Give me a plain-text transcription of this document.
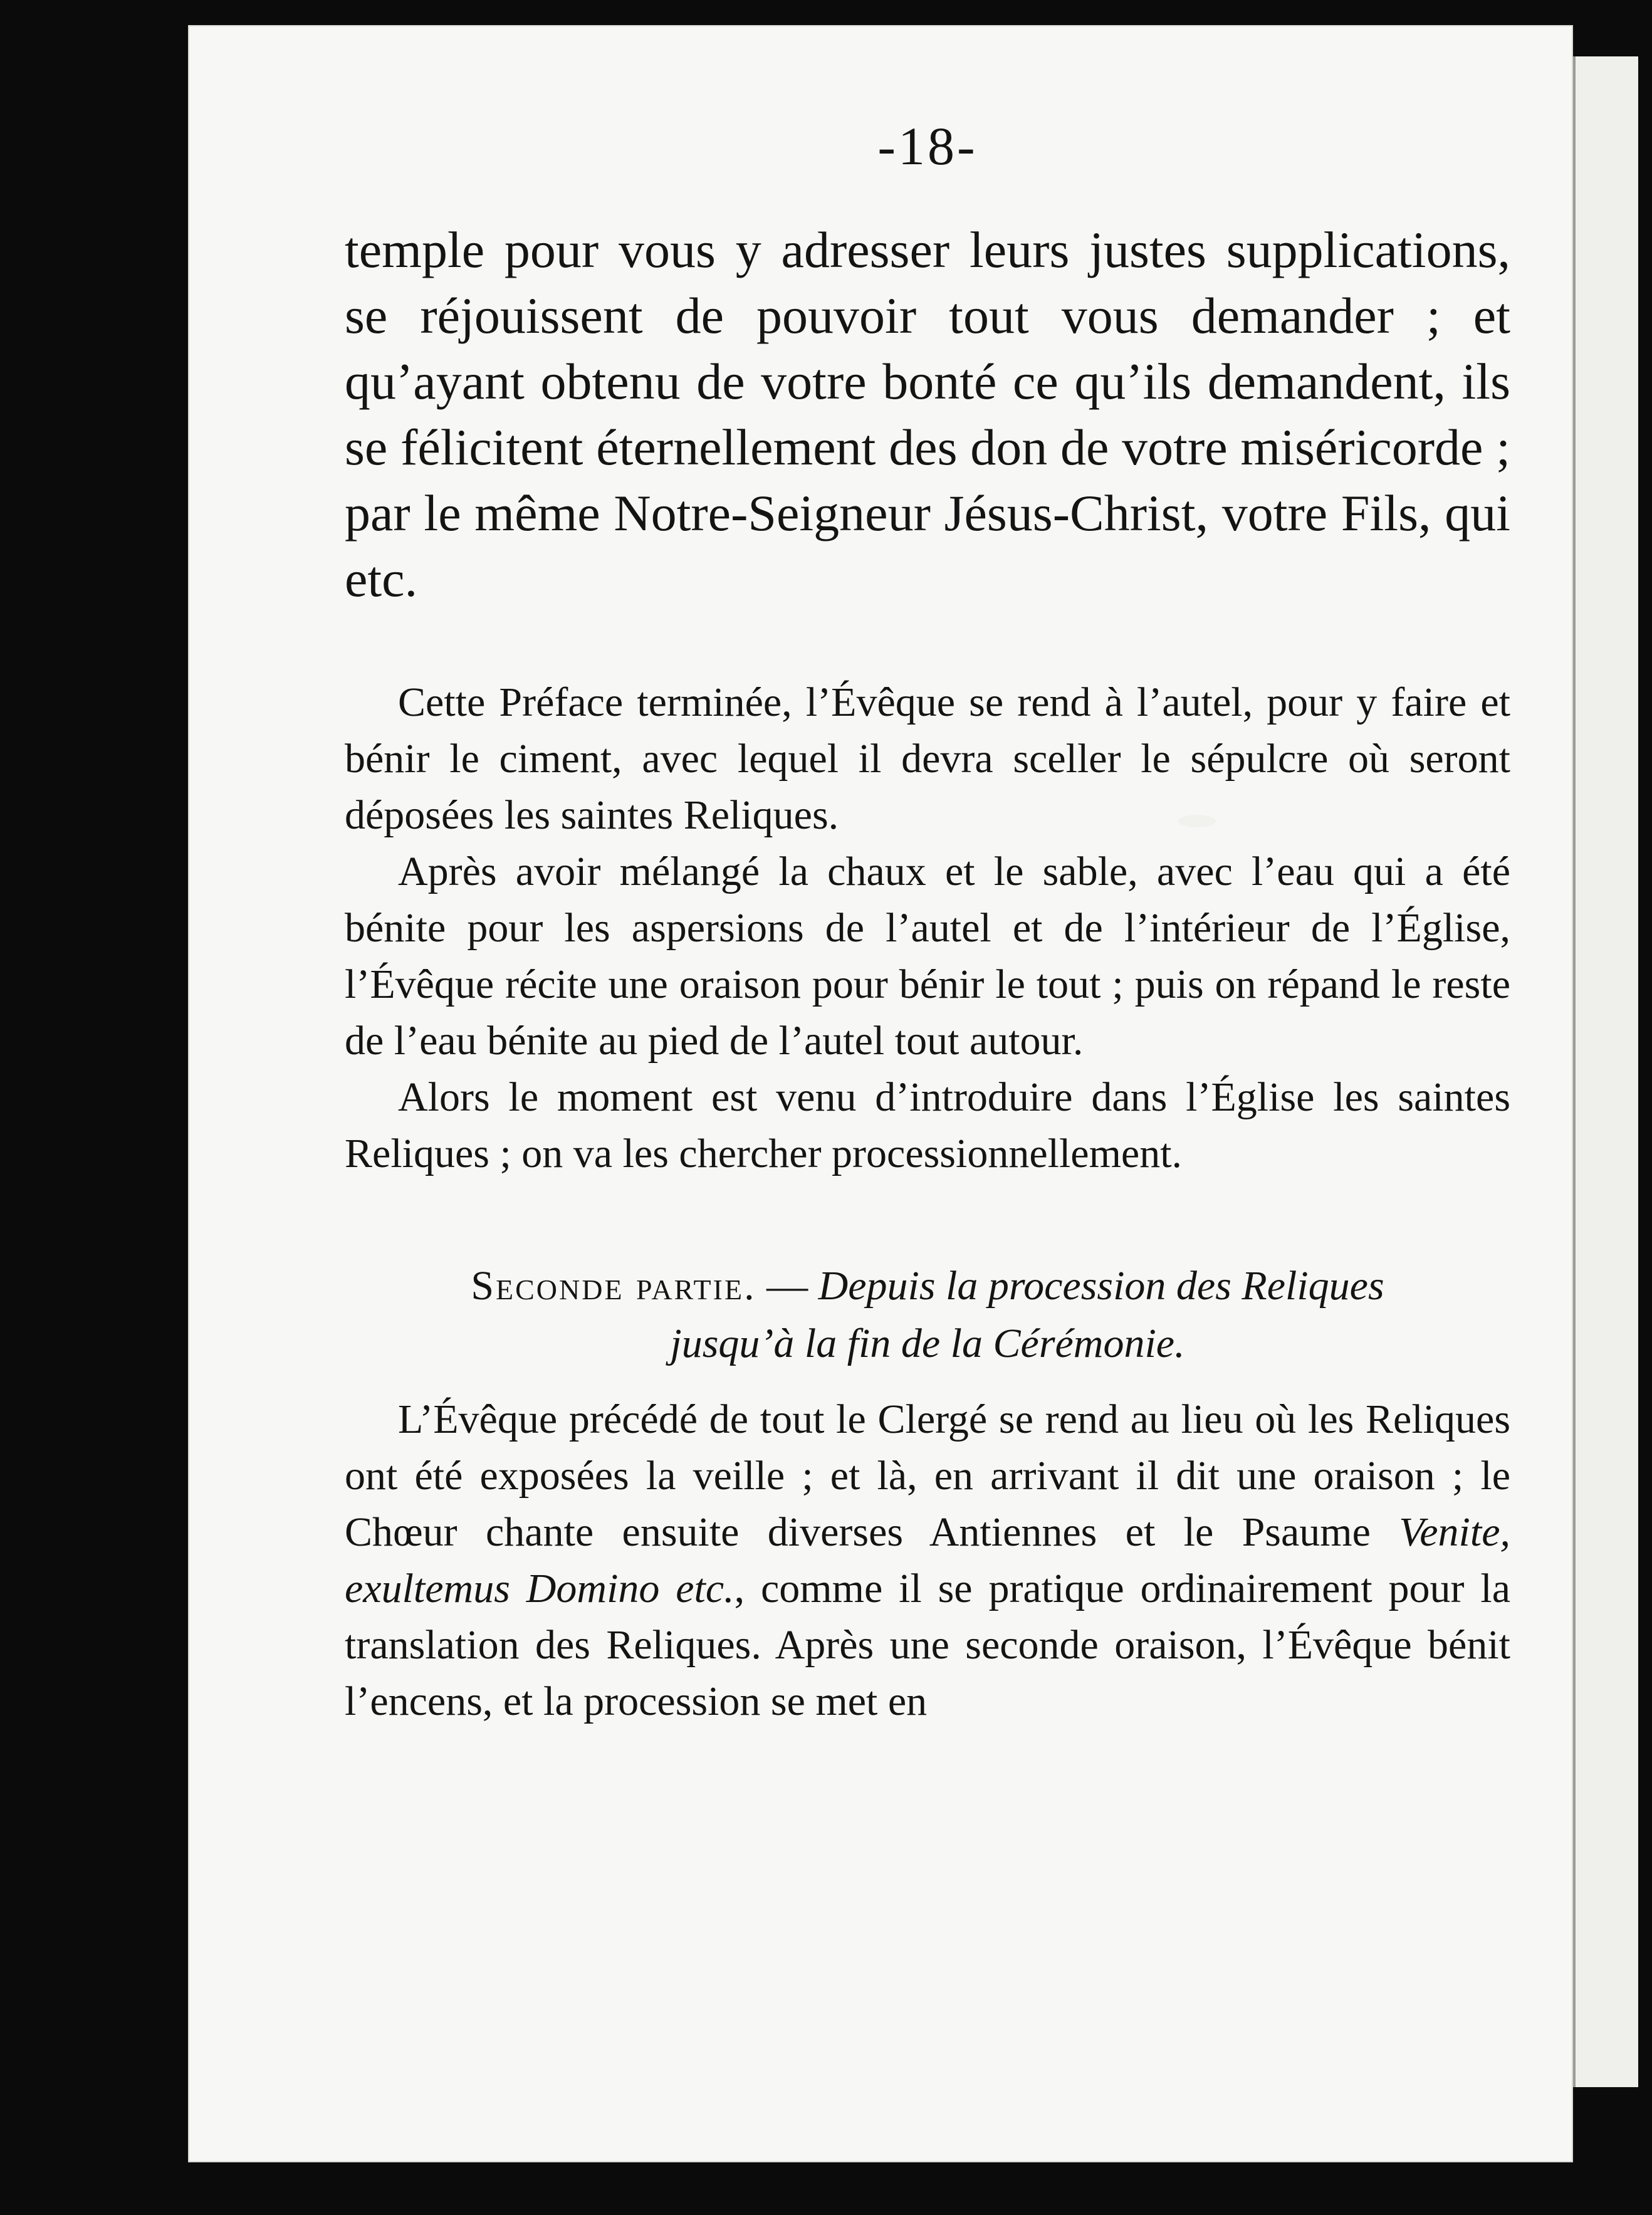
-18-

temple pour vous y adresser leurs justes supplications, se réjouissent de pouvoir tout vous demander ; et qu’ayant obtenu de votre bonté ce qu’ils demandent, ils se félicitent éternellement des don de votre miséricorde ; par le même Notre-Seigneur Jésus-Christ, votre Fils, qui etc.

Cette Préface terminée, l’Évêque se rend à l’autel, pour y faire et bénir le ciment, avec lequel il devra sceller le sépulcre où seront déposées les saintes Reliques.

Après avoir mélangé la chaux et le sable, avec l’eau qui a été bénite pour les aspersions de l’autel et de l’intérieur de l’Église, l’Évêque récite une oraison pour bénir le tout ; puis on répand le reste de l’eau bénite au pied de l’autel tout autour.

Alors le moment est venu d’introduire dans l’Église les saintes Reliques ; on va les chercher processionnellement.

Seconde partie. — Depuis la procession des Reliques
jusqu’à la fin de la Cérémonie.

L’Évêque précédé de tout le Clergé se rend au lieu où les Reliques ont été exposées la veille ; et là, en arrivant il dit une oraison ; le Chœur chante ensuite diverses Antiennes et le Psaume Venite, exultemus Domino etc., comme il se pratique ordinairement pour la translation des Reliques. Après une seconde oraison, l’Évêque bénit l’encens, et la procession se met en
